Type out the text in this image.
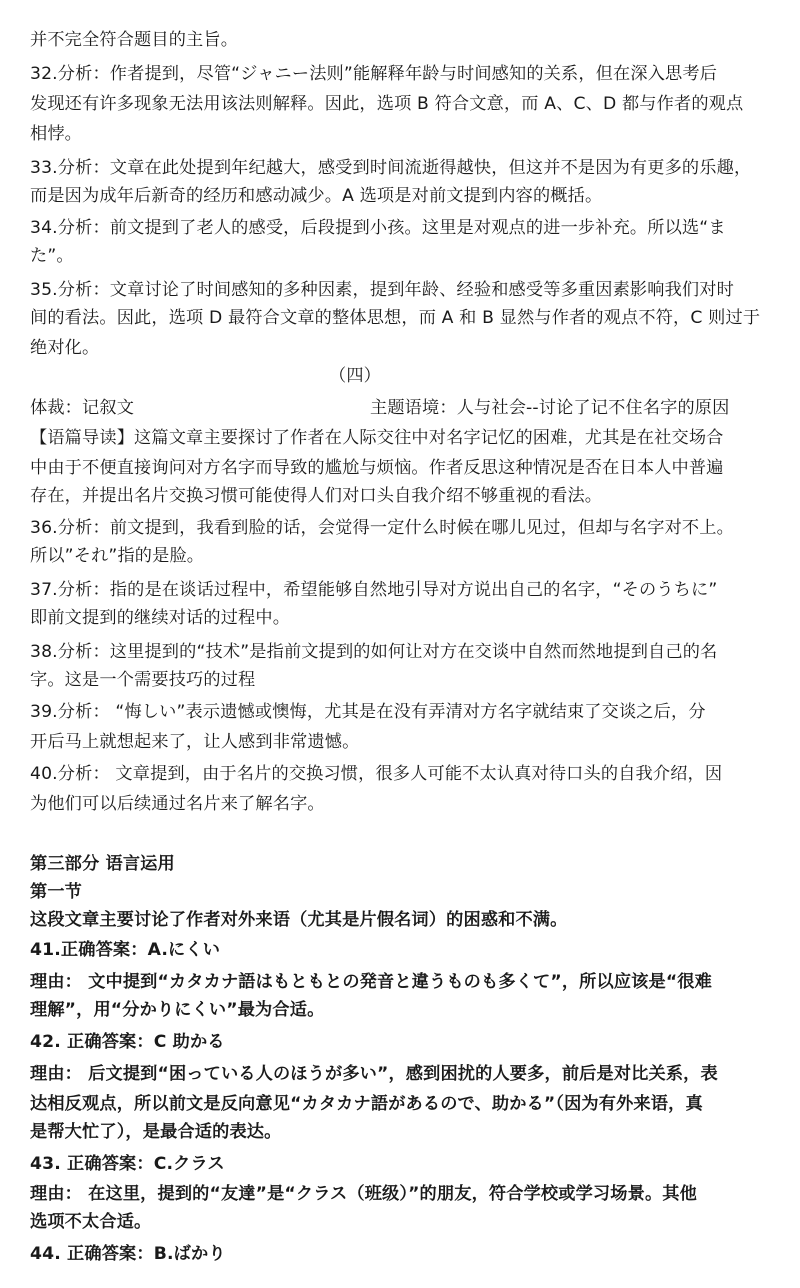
并不完全符合题目的主旨。
32.分析：作者提到，尽管“ジャニー法则”能解释年龄与时间感知的关系，但在深入思考后
发现还有许多现象无法用该法则解释。因此，选项 B 符合文意，而 A、C、D 都与作者的观点
相悖。
33.分析：文章在此处提到年纪越大，感受到时间流逝得越快，但这并不是因为有更多的乐趣，
而是因为成年后新奇的经历和感动减少。A 选项是对前文提到内容的概括。
34.分析：前文提到了老人的感受，后段提到小孩。这里是对观点的进一步补充。所以选“ま
た”。
35.分析：文章讨论了时间感知的多种因素，提到年龄、经验和感受等多重因素影响我们对时
间的看法。因此，选项 D 最符合文章的整体思想，而 A 和 B 显然与作者的观点不符，C 则过于
绝对化。
（四）
体裁：记叙文	主题语境：人与社会--讨论了记不住名字的原因
【语篇导读】这篇文章主要探讨了作者在人际交往中对名字记忆的困难，尤其是在社交场合
中由于不便直接询问对方名字而导致的尴尬与烦恼。作者反思这种情况是否在日本人中普遍
存在，并提出名片交换习惯可能使得人们对口头自我介绍不够重视的看法。
36.分析：前文提到，我看到脸的话，会觉得一定什么时候在哪儿见过，但却与名字对不上。
所以”それ”指的是脸。
37.分析：指的是在谈话过程中，希望能够自然地引导对方说出自己的名字，“そのうちに”
即前文提到的继续对话的过程中。
38.分析：这里提到的“技术”是指前文提到的如何让对方在交谈中自然而然地提到自己的名
字。这是一个需要技巧的过程
39.分析： “悔しい”表示遗憾或懊悔，尤其是在没有弄清对方名字就结束了交谈之后，分
开后马上就想起来了，让人感到非常遗憾。
40.分析： 文章提到，由于名片的交换习惯，很多人可能不太认真对待口头的自我介绍，因
为他们可以后续通过名片来了解名字。
第三部分 语言运用
第一节
这段文章主要讨论了作者对外来语（尤其是片假名词）的困惑和不满。
41.正确答案：A.にくい
理由： 文中提到“カタカナ語はもともとの発音と違うものも多くて”，所以应该是“很难
理解”，用“分かりにくい”最为合适。
42. 正确答案：C 助かる
理由： 后文提到“困っている人のほうが多い”，感到困扰的人要多，前后是对比关系，表
达相反观点，所以前文是反向意见“カタカナ語があるので、助かる”（因为有外来语，真
是帮大忙了），是最合适的表达。
43. 正确答案：C.クラス
理由： 在这里，提到的“友達”是“クラス（班级）”的朋友，符合学校或学习场景。其他
选项不太合适。
44. 正确答案：B.ばかり
